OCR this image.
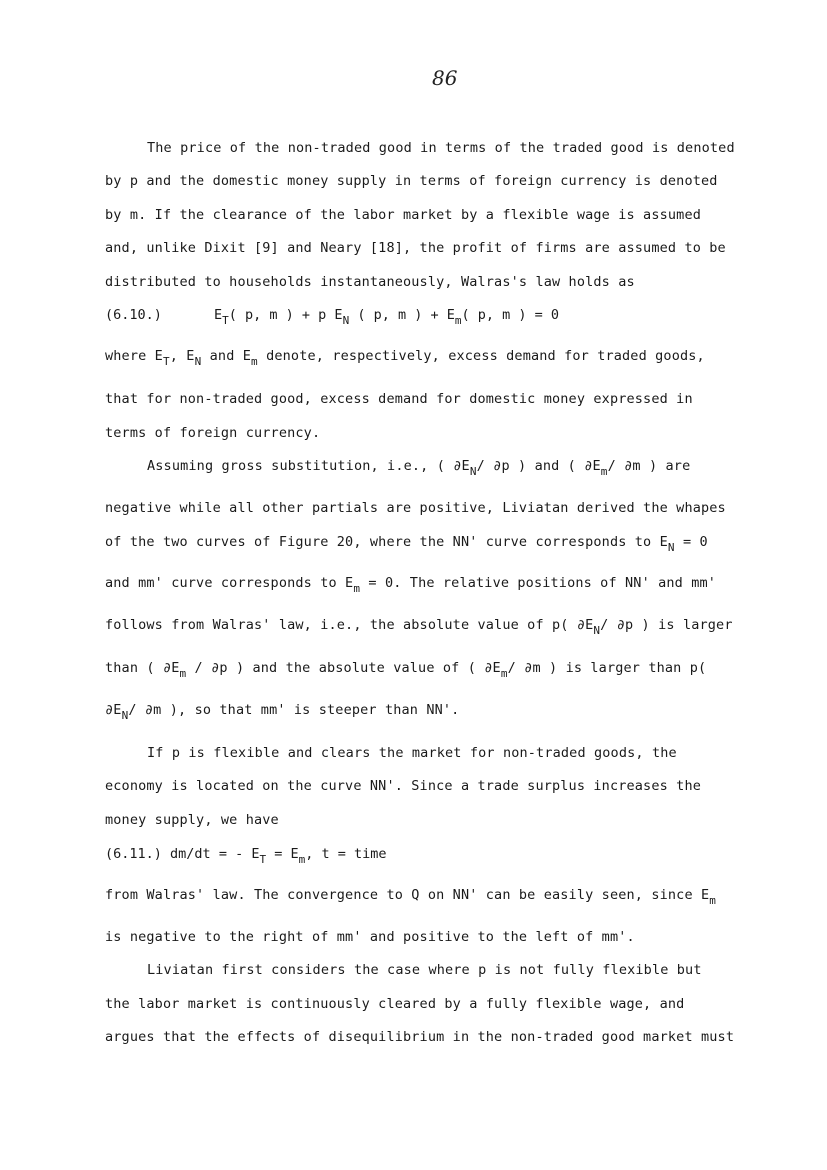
86
The price of the non-traded good in terms of the traded good is denoted
by p and the domestic money supply in terms of foreign currency is denoted
by m. If the clearance of the labor market by a flexible wage is assumed
and, unlike Dixit [9] and Neary [18], the profit of firms are assumed to be
distributed to households instantaneously, Walras's law holds as
(6.10.)	$E_T$( p, m ) + p $E_N$ ( p, m ) + $E_m$( p, m ) = 0
where $E_T$, $E_N$ and $E_m$ denote, respectively, excess demand for traded goods,
that for non-traded good, excess demand for domestic money expressed in
terms of foreign currency.
Assuming gross substitution, i.e., ( $\partial E_N/$ ∂p ) and ( $\partial E_m/$ ∂m ) are
negative while all other partials are positive, Liviatan derived the whapes
of the two curves of Figure 20, where the NN' curve corresponds to $E_N = 0$
and mm' curve corresponds to $E_m = 0$. The relative positions of NN' and mm'
follows from Walras' law, i.e., the absolute value of p( $\partial E_N/$ ∂p ) is larger
than ( $\partial E_m / \partial p$ ) and the absolute value of ( $\partial E_m/$ ∂m ) is larger than p(
$\partial E_N/$ ∂m ), so that mm' is steeper than NN'.
If p is flexible and clears the market for non-traded goods, the
economy is located on the curve NN'. Since a trade surplus increases the
money supply, we have
(6.11.) dm/dt = - $E_T = E_m$, t = time
from Walras' law. The convergence to Q on NN' can be easily seen, since $E_m$
is negative to the right of mm' and positive to the left of mm'.
Liviatan first considers the case where p is not fully flexible but
the labor market is continuously cleared by a fully flexible wage, and
argues that the effects of disequilibrium in the non-traded good market must
